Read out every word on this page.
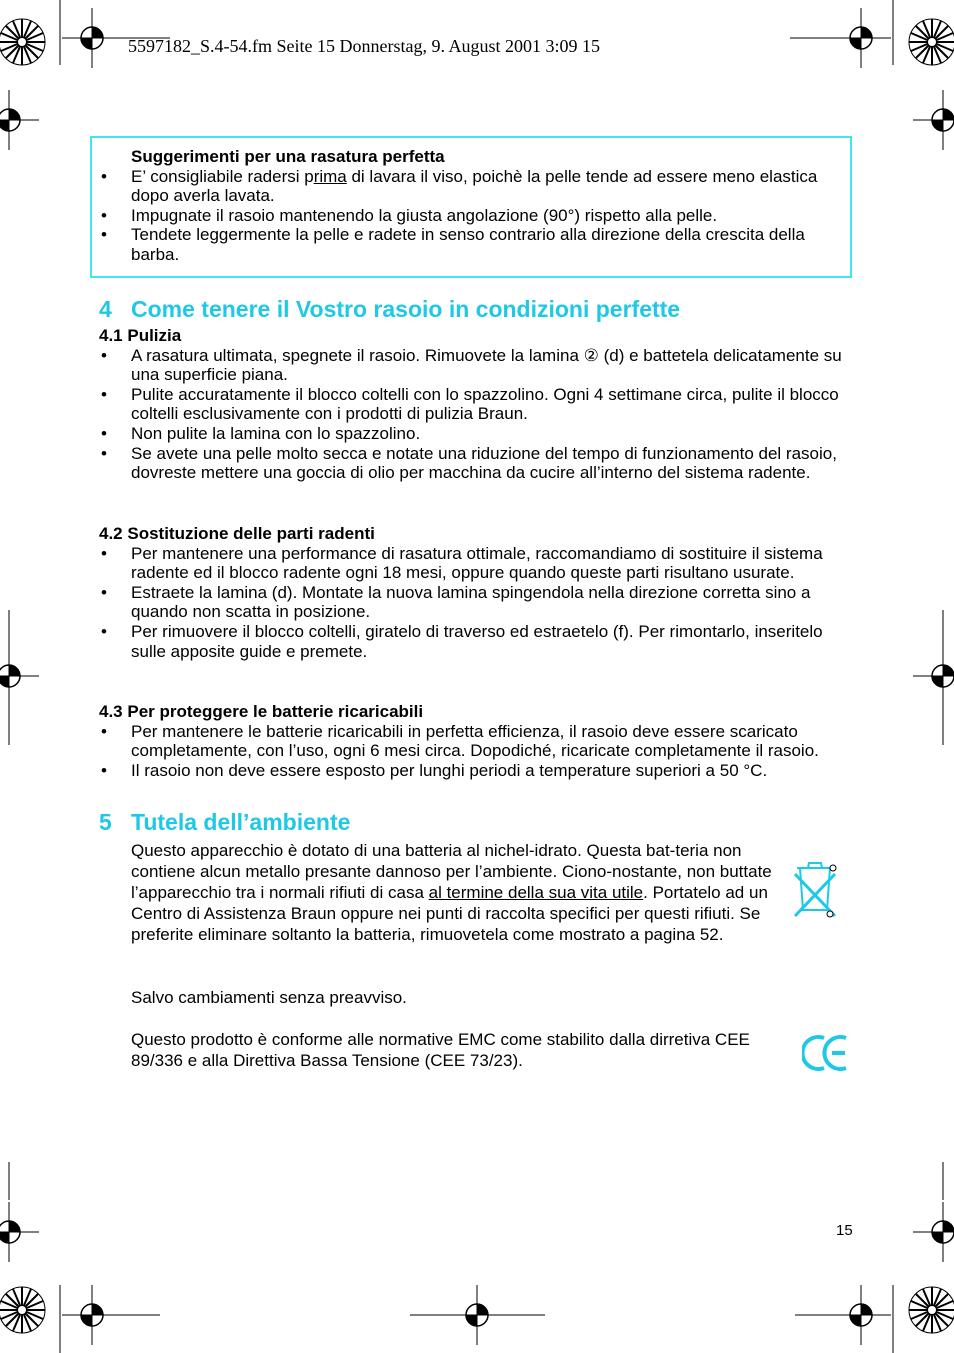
5597182_S.4-54.fm Seite 15 Donnerstag, 9. August 2001 3:09 15
Suggerimenti per una rasatura perfetta
• E’ consigliabile radersi prima di lavara il viso, poichè la pelle tende ad essere meno elastica dopo averla lavata.
• Impugnate il rasoio mantenendo la giusta angolazione (90°) rispetto alla pelle.
• Tendete leggermente la pelle e radete in senso contrario alla direzione della crescita della barba.
4 Come tenere il Vostro rasoio in condizioni perfette
4.1 Pulizia
• A rasatura ultimata, spegnete il rasoio. Rimuovete la lamina ② (d) e battetela delicatamente su una superficie piana.
• Pulite accuratamente il blocco coltelli con lo spazzolino. Ogni 4 settimane circa, pulite il blocco coltelli esclusivamente con i prodotti di pulizia Braun.
• Non pulite la lamina con lo spazzolino.
• Se avete una pelle molto secca e notate una riduzione del tempo di funzionamento del rasoio, dovreste mettere una goccia di olio per macchina da cucire all’interno del sistema radente.
4.2 Sostituzione delle parti radenti
• Per mantenere una performance di rasatura ottimale, raccomandiamo di sostituire il sistema radente ed il blocco radente ogni 18 mesi, oppure quando queste parti risultano usurate.
• Estraete la lamina (d). Montate la nuova lamina spingendola nella direzione corretta sino a quando non scatta in posizione.
• Per rimuovere il blocco coltelli, giratelo di traverso ed estraetelo (f). Per rimontarlo, inseritelo sulle apposite guide e premete.
4.3 Per proteggere le batterie ricaricabili
• Per mantenere le batterie ricaricabili in perfetta efficienza, il rasoio deve essere scaricato completamente, con l’uso, ogni 6 mesi circa. Dopodiché, ricaricate completamente il rasoio.
• Il rasoio non deve essere esposto per lunghi periodi a temperature superiori a 50 °C.
5 Tutela dell’ambiente
Questo apparecchio è dotato di una batteria al nichel-idrato. Questa bat-teria non contiene alcun metallo presante dannoso per l’ambiente. Ciono-nostante, non buttate l’apparecchio tra i normali rifiuti di casa al termine della sua vita utile. Portatelo ad un Centro di Assistenza Braun oppure nei punti di raccolta specifici per questi rifiuti. Se preferite eliminare soltanto la batteria, rimuovetela come mostrato a pagina 52.
Salvo cambiamenti senza preavviso.
Questo prodotto è conforme alle normative EMC come stabilito dalla dirretiva CEE 89/336 e alla Direttiva Bassa Tensione (CEE 73/23).
15
